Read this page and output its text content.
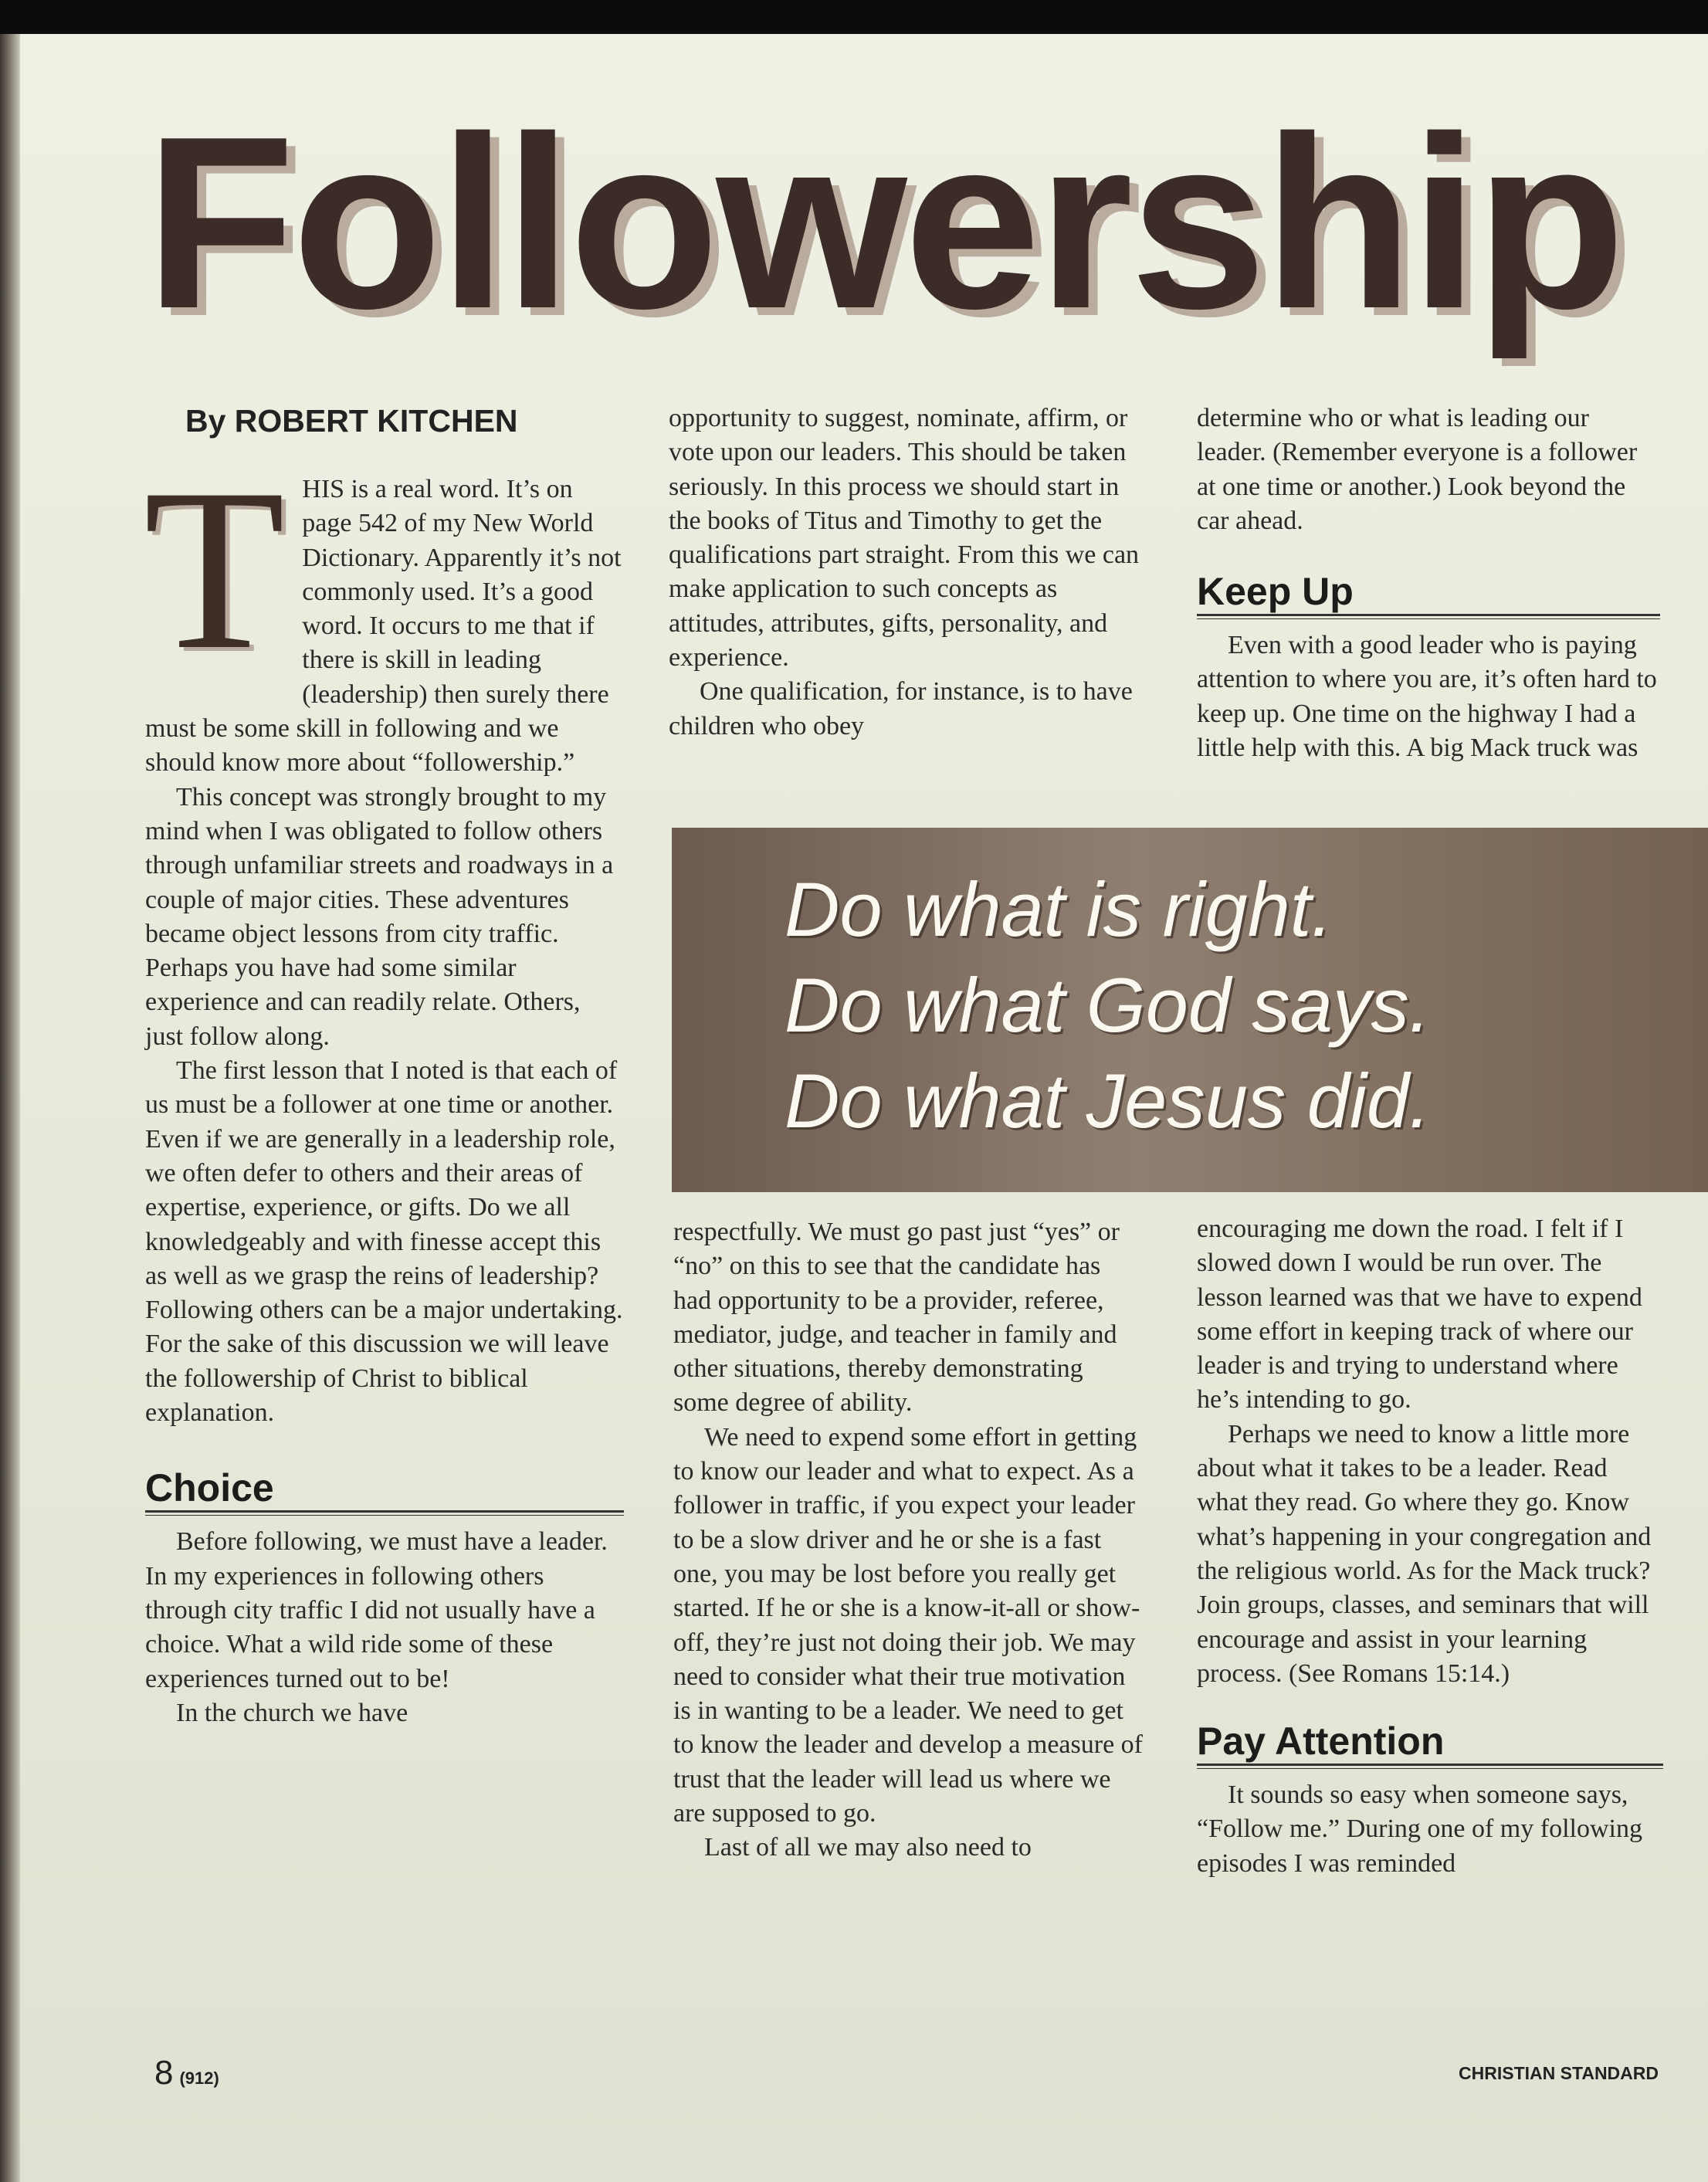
Followership
By ROBERT KITCHEN

THIS is a real word. It’s on page 542 of my New World Dictionary. Apparently it’s not commonly used. It’s a good word. It occurs to me that if there is skill in leading (leadership) then surely there must be some skill in following and we should know more about “followership.”

This concept was strongly brought to my mind when I was obligated to follow others through unfamiliar streets and roadways in a couple of major cities. These adventures became object lessons from city traffic. Perhaps you have had some similar experience and can readily relate. Others, just follow along.

The first lesson that I noted is that each of us must be a follower at one time or another. Even if we are generally in a leadership role, we often defer to others and their areas of expertise, experience, or gifts. Do we all knowledgeably and with finesse accept this as well as we grasp the reins of leadership? Following others can be a major undertaking. For the sake of this discussion we will leave the followership of Christ to biblical explanation.

Choice

Before following, we must have a leader. In my experiences in following others through city traffic I did not usually have a choice. What a wild ride some of these experiences turned out to be!

In the church we have

opportunity to suggest, nominate, affirm, or vote upon our leaders. This should be taken seriously. In this process we should start in the books of Titus and Timothy to get the qualifications part straight. From this we can make application to such concepts as attitudes, attributes, gifts, personality, and experience.

One qualification, for instance, is to have children who obey

determine who or what is leading our leader. (Remember everyone is a follower at one time or another.) Look beyond the car ahead.

Keep Up

Even with a good leader who is paying attention to where you are, it’s often hard to keep up. One time on the highway I had a little help with this. A big Mack truck was

Do what is right.
Do what God says.
Do what Jesus did.

respectfully. We must go past just “yes” or “no” on this to see that the candidate has had opportunity to be a provider, referee, mediator, judge, and teacher in family and other situations, thereby demonstrating some degree of ability.

We need to expend some effort in getting to know our leader and what to expect. As a follower in traffic, if you expect your leader to be a slow driver and he or she is a fast one, you may be lost before you really get started. If he or she is a know-it-all or show-off, they’re just not doing their job. We may need to consider what their true motivation is in wanting to be a leader. We need to get to know the leader and develop a measure of trust that the leader will lead us where we are supposed to go.

Last of all we may also need to

encouraging me down the road. I felt if I slowed down I would be run over. The lesson learned was that we have to expend some effort in keeping track of where our leader is and trying to understand where he’s intending to go.

Perhaps we need to know a little more about what it takes to be a leader. Read what they read. Go where they go. Know what’s happening in your congregation and the religious world. As for the Mack truck? Join groups, classes, and seminars that will encourage and assist in your learning process. (See Romans 15:14.)

Pay Attention

It sounds so easy when someone says, “Follow me.” During one of my following episodes I was reminded

8 (912)	CHRISTIAN STANDARD
